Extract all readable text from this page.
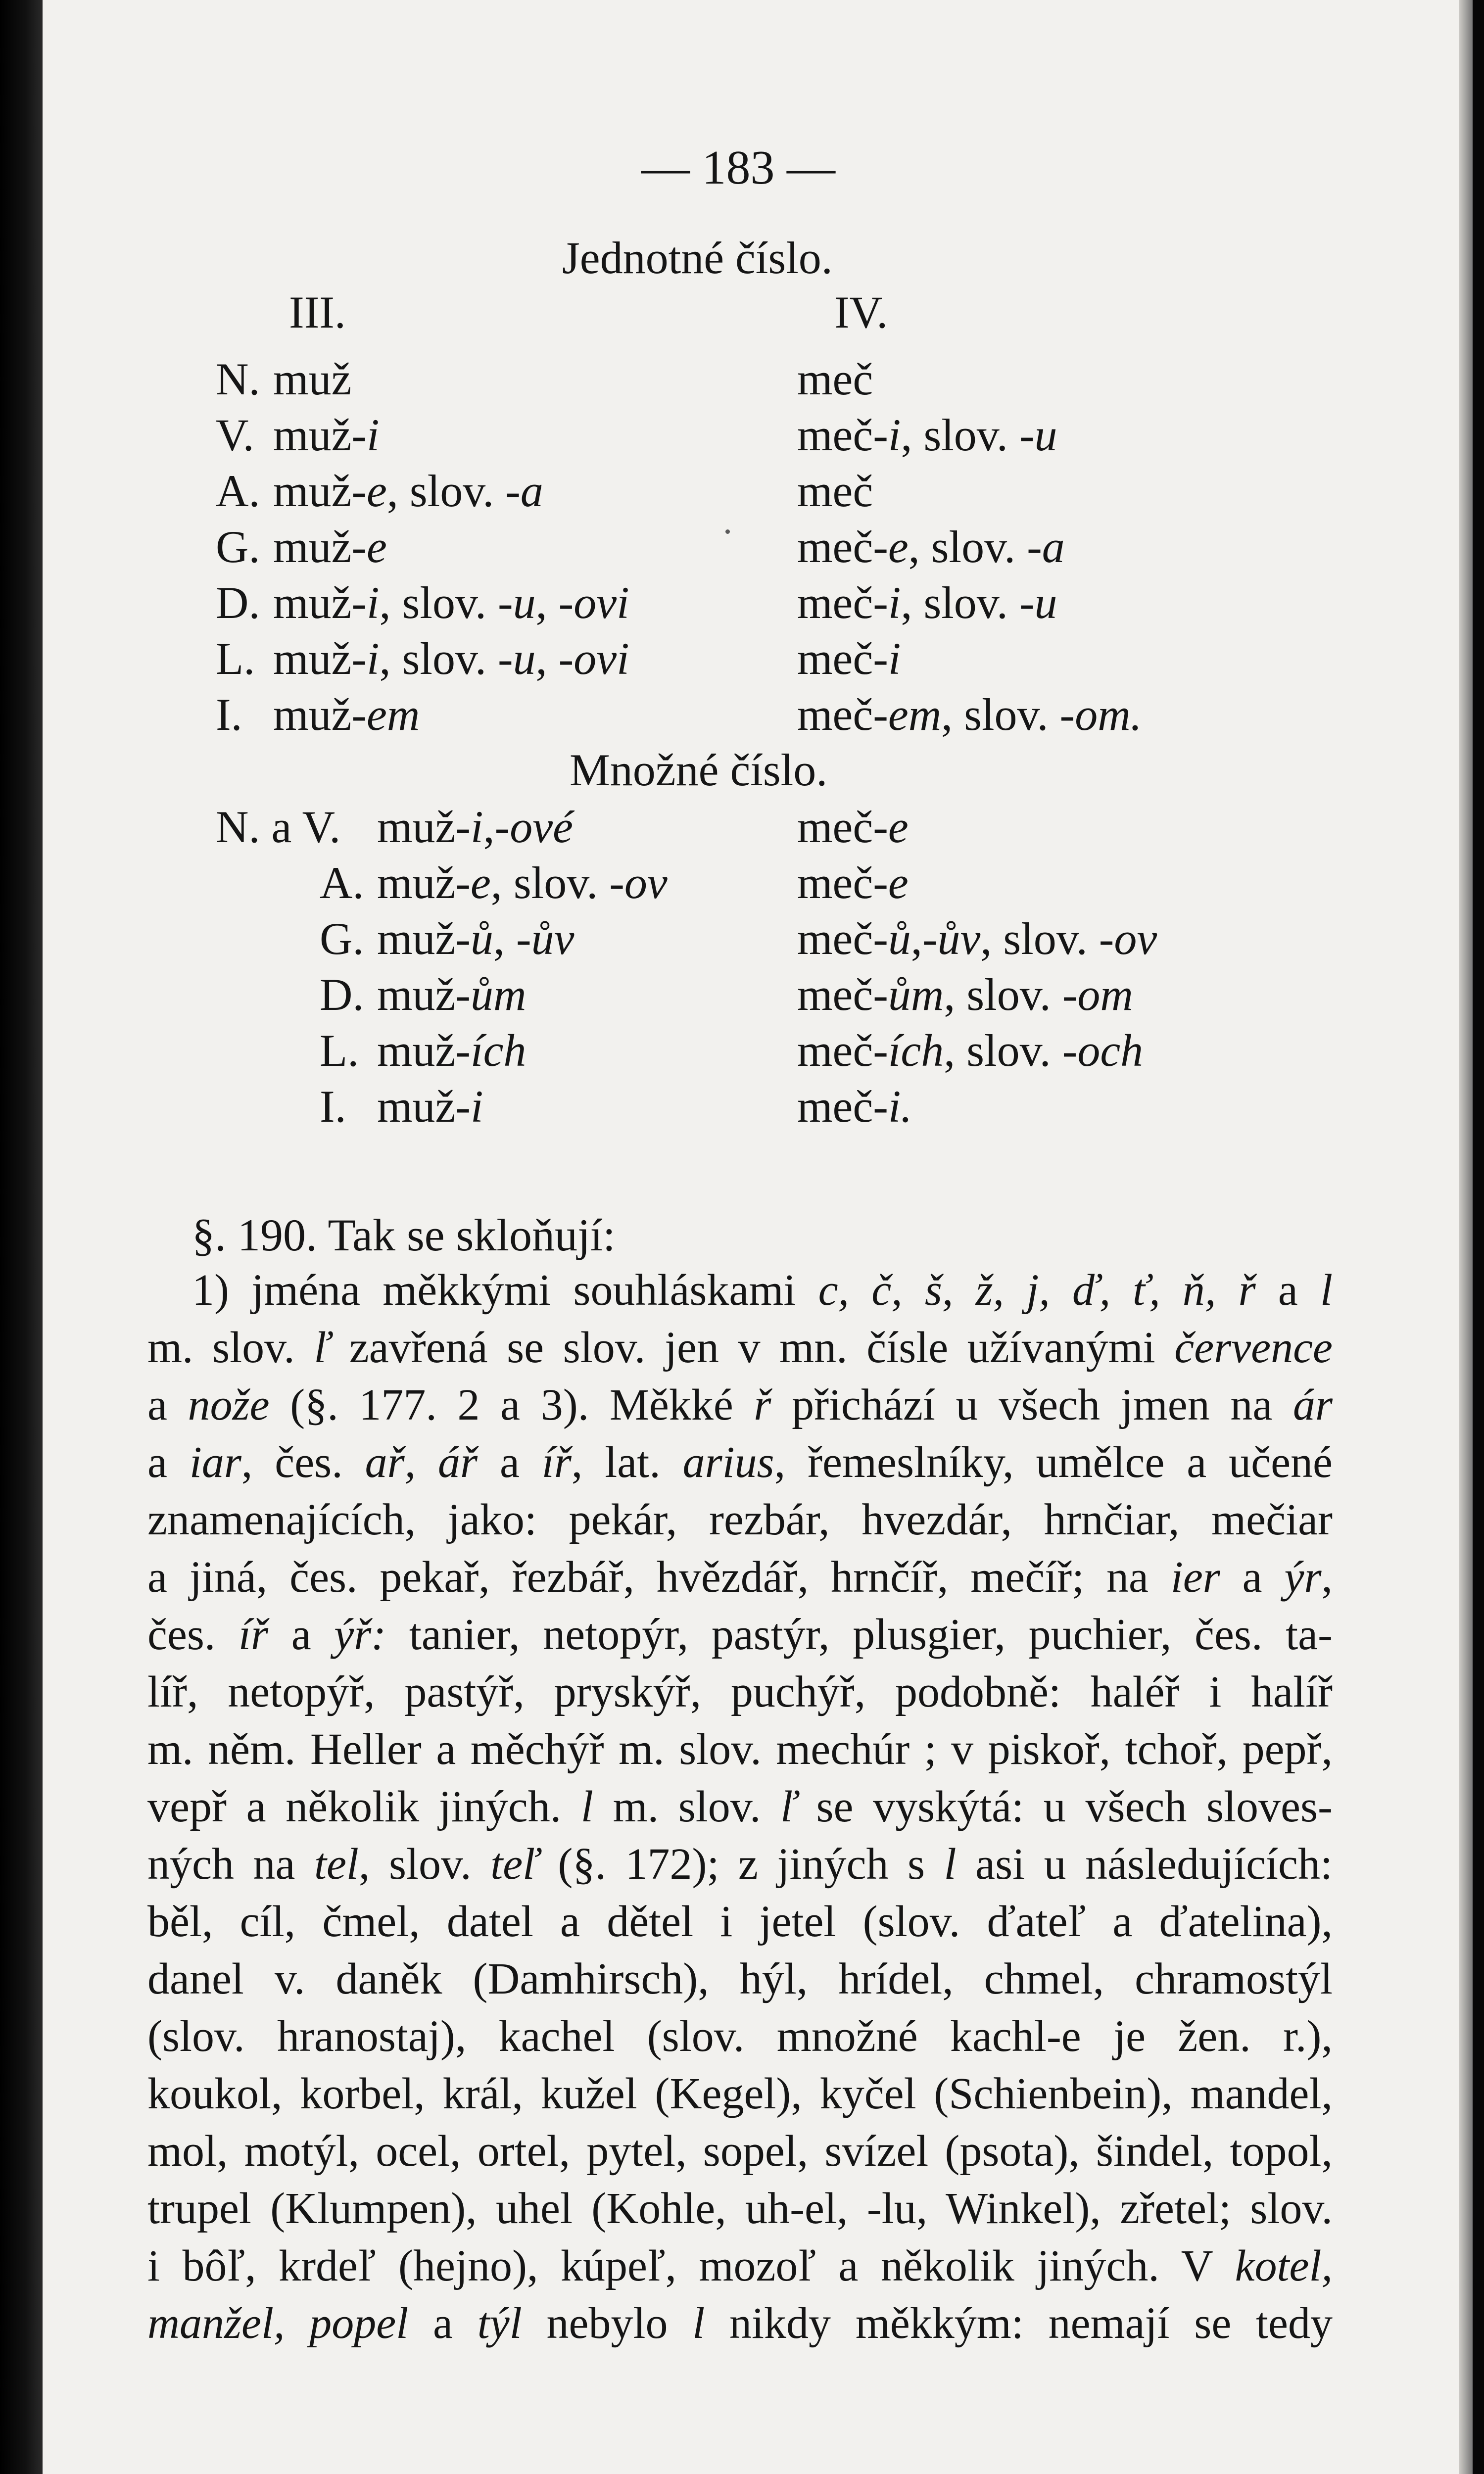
— 183 —
Jednotné číslo.
III.	IV.
N. muž	meč
V. muž-i	meč-i, slov. -u
A. muž-e, slov. -a	meč
G. muž-e	meč-e, slov. -a
D. muž-i, slov. -u, -ovi	meč-i, slov. -u
L. muž-i, slov. -u, -ovi	meč-i
I. muž-em	meč-em, slov. -om.
Množné číslo.
N. a V. muž-i,-ové	meč-e
A. muž-e, slov. -ov	meč-e
G. muž-ů, -ův	meč-ů,-ův, slov. -ov
D. muž-ům	meč-ům, slov. -om
L. muž-ích	meč-ích, slov. -och
I. muž-i	meč-i.
§. 190. Tak se skloňují:
1) jména měkkými souhláskami c, č, š, ž, j, ď, ť, ň, ř a l
m. slov. ľ zavřená se slov. jen v mn. čísle užívanými července
a nože (§. 177. 2 a 3). Měkké ř přichází u všech jmen na ár
a iar, čes. ař, ář a íř, lat. arius, řemeslníky, umělce a učené
znamenajících, jako: pekár, rezbár, hvezdár, hrnčiar, mečiar
a jiná, čes. pekař, řezbář, hvězdář, hrnčíř, mečíř; na ier a ýr,
čes. íř a ýř: tanier, netopýr, pastýr, plusgier, puchier, čes. ta-
líř, netopýř, pastýř, pryskýř, puchýř, podobně: haléř i halíř
m. něm. Heller a měchýř m. slov. mechúr ; v piskoř, tchoř, pepř,
vepř a několik jiných. l m. slov. ľ se vyskýtá: u všech sloves-
ných na tel, slov. teľ (§. 172); z jiných s l asi u následujících:
běl, cíl, čmel, datel a dětel i jetel (slov. ďateľ a ďatelina),
danel v. daněk (Damhirsch), hýl, hrídel, chmel, chramostýl
(slov. hranostaj), kachel (slov. množné kachl-e je žen. r.),
koukol, korbel, král, kužel (Kegel), kyčel (Schienbein), mandel,
mol, motýl, ocel, ortel, pytel, sopel, svízel (psota), šindel, topol,
trupel (Klumpen), uhel (Kohle, uh-el, -lu, Winkel), zřetel; slov.
i bôľ, krdeľ (hejno), kúpeľ, mozoľ a několik jiných. V kotel,
manžel, popel a týl nebylo l nikdy měkkým: nemají se tedy
